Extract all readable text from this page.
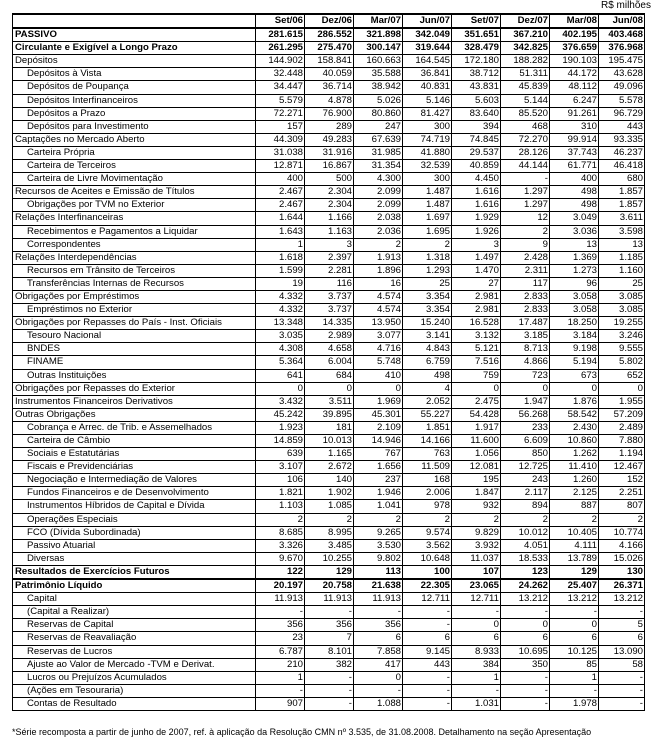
R$ milhões
	Set/06	Dez/06	Mar/07	Jun/07	Set/07	Dez/07	Mar/08	Jun/08
PASSIVO	281.615	286.552	321.898	342.049	351.651	367.210	402.195	403.468
Circulante e Exigível a Longo Prazo	261.295	275.470	300.147	319.644	328.479	342.825	376.659	376.968
Depósitos	144.902	158.841	160.663	164.545	172.180	188.282	190.103	195.475
Depósitos à Vista	32.448	40.059	35.588	36.841	38.712	51.311	44.172	43.628
Depósitos de Poupança	34.447	36.714	38.942	40.831	43.831	45.839	48.112	49.096
Depósitos Interfinanceiros	5.579	4.878	5.026	5.146	5.603	5.144	6.247	5.578
Depósitos a Prazo	72.271	76.900	80.860	81.427	83.640	85.520	91.261	96.729
Depósitos para Investimento	157	289	247	300	394	468	310	443
Captações no Mercado Aberto	44.309	49.283	67.639	74.719	74.845	72.270	99.914	93.335
Carteira Própria	31.038	31.916	31.985	41.880	29.537	28.126	37.743	46.237
Carteira de Terceiros	12.871	16.867	31.354	32.539	40.859	44.144	61.771	46.418
Carteira de Livre Movimentação	400	500	4.300	300	4.450	-	400	680
Recursos de Aceites e Emissão de Títulos	2.467	2.304	2.099	1.487	1.616	1.297	498	1.857
Obrigações por TVM no Exterior	2.467	2.304	2.099	1.487	1.616	1.297	498	1.857
Relações Interfinanceiras	1.644	1.166	2.038	1.697	1.929	12	3.049	3.611
Recebimentos e Pagamentos a Liquidar	1.643	1.163	2.036	1.695	1.926	2	3.036	3.598
Correspondentes	1	3	2	2	3	9	13	13
Relações Interdependências	1.618	2.397	1.913	1.318	1.497	2.428	1.369	1.185
Recursos em Trânsito de Terceiros	1.599	2.281	1.896	1.293	1.470	2.311	1.273	1.160
Transferências Internas de Recursos	19	116	16	25	27	117	96	25
Obrigações por Empréstimos	4.332	3.737	4.574	3.354	2.981	2.833	3.058	3.085
Empréstimos no Exterior	4.332	3.737	4.574	3.354	2.981	2.833	3.058	3.085
Obrigações por Repasses do País - Inst. Oficiais	13.348	14.335	13.950	15.240	16.528	17.487	18.250	19.255
Tesouro Nacional	3.035	2.989	3.077	3.141	3.132	3.185	3.184	3.246
BNDES	4.308	4.658	4.716	4.843	5.121	8.713	9.198	9.555
FINAME	5.364	6.004	5.748	6.759	7.516	4.866	5.194	5.802
Outras Instituições	641	684	410	498	759	723	673	652
Obrigações por Repasses do Exterior	0	0	0	4	0	0	0	0
Instrumentos Financeiros Derivativos	3.432	3.511	1.969	2.052	2.475	1.947	1.876	1.955
Outras Obrigações	45.242	39.895	45.301	55.227	54.428	56.268	58.542	57.209
Cobrança e Arrec. de Trib. e Assemelhados	1.923	181	2.109	1.851	1.917	233	2.430	2.489
Carteira de Câmbio	14.859	10.013	14.946	14.166	11.600	6.609	10.860	7.880
Sociais e Estatutárias	639	1.165	767	763	1.056	850	1.262	1.194
Fiscais e Previdenciárias	3.107	2.672	1.656	11.509	12.081	12.725	11.410	12.467
Negociação e Intermediação de Valores	106	140	237	168	195	243	1.260	152
Fundos Financeiros e de Desenvolvimento	1.821	1.902	1.946	2.006	1.847	2.117	2.125	2.251
Instrumentos Híbridos de Capital e Dívida	1.103	1.085	1.041	978	932	894	887	807
Operações Especiais	2	2	2	2	2	2	2	2
FCO (Dívida Subordinada)	8.685	8.995	9.265	9.574	9.829	10.012	10.405	10.774
Passivo Atuarial	3.326	3.485	3.530	3.562	3.932	4.051	4.111	4.166
Diversas	9.670	10.255	9.802	10.648	11.037	18.533	13.789	15.026
Resultados de Exercícios Futuros	122	129	113	100	107	123	129	130
Patrimônio Líquido	20.197	20.758	21.638	22.305	23.065	24.262	25.407	26.371
Capital	11.913	11.913	11.913	12.711	12.711	13.212	13.212	13.212
(Capital a Realizar)	-	-	-	-	-	-	-	-
Reservas de Capital	356	356	356	-	0	0	0	5
Reservas de Reavaliação	23	7	6	6	6	6	6	6
Reservas de Lucros	6.787	8.101	7.858	9.145	8.933	10.695	10.125	13.090
Ajuste ao Valor de Mercado -TVM e Derivat.	210	382	417	443	384	350	85	58
Lucros ou Prejuízos Acumulados	1	-	0	-	1	-	1	-
(Ações em Tesouraria)	-	-	-	-	-	-	-	-
Contas de Resultado	907	-	1.088	-	1.031	-	1.978	-
*Série recomposta a partir de junho de 2007, ref. à aplicação da Resolução CMN nº 3.535, de 31.08.2008. Detalhamento na seção Apresentação
